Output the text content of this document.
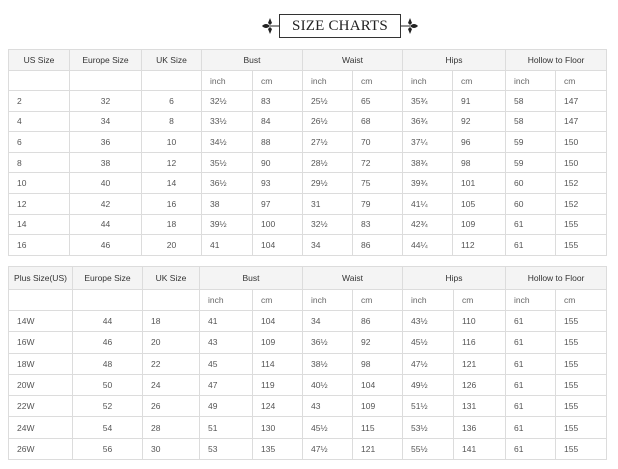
SIZE CHARTS
US Size	Europe Size	UK Size	Bust		Waist		Hips		Hollow to Floor	
			inch	cm	inch	cm	inch	cm	inch	cm
2	32	6	32½	83	25½	65	35¾	91	58	147
4	34	8	33½	84	26½	68	36¾	92	58	147
6	36	10	34½	88	27½	70	37¼	96	59	150
8	38	12	35½	90	28½	72	38¾	98	59	150
10	40	14	36½	93	29½	75	39¾	101	60	152
12	42	16	38	97	31	79	41¼	105	60	152
14	44	18	39½	100	32½	83	42¾	109	61	155
16	46	20	41	104	34	86	44¼	112	61	155
Plus Size(US)	Europe Size	UK Size	Bust		Waist		Hips		Hollow to Floor	
			inch	cm	inch	cm	inch	cm	inch	cm
14W	44	18	41	104	34	86	43½	110	61	155
16W	46	20	43	109	36½	92	45½	116	61	155
18W	48	22	45	114	38½	98	47½	121	61	155
20W	50	24	47	119	40½	104	49½	126	61	155
22W	52	26	49	124	43	109	51½	131	61	155
24W	54	28	51	130	45½	115	53½	136	61	155
26W	56	30	53	135	47½	121	55½	141	61	155
